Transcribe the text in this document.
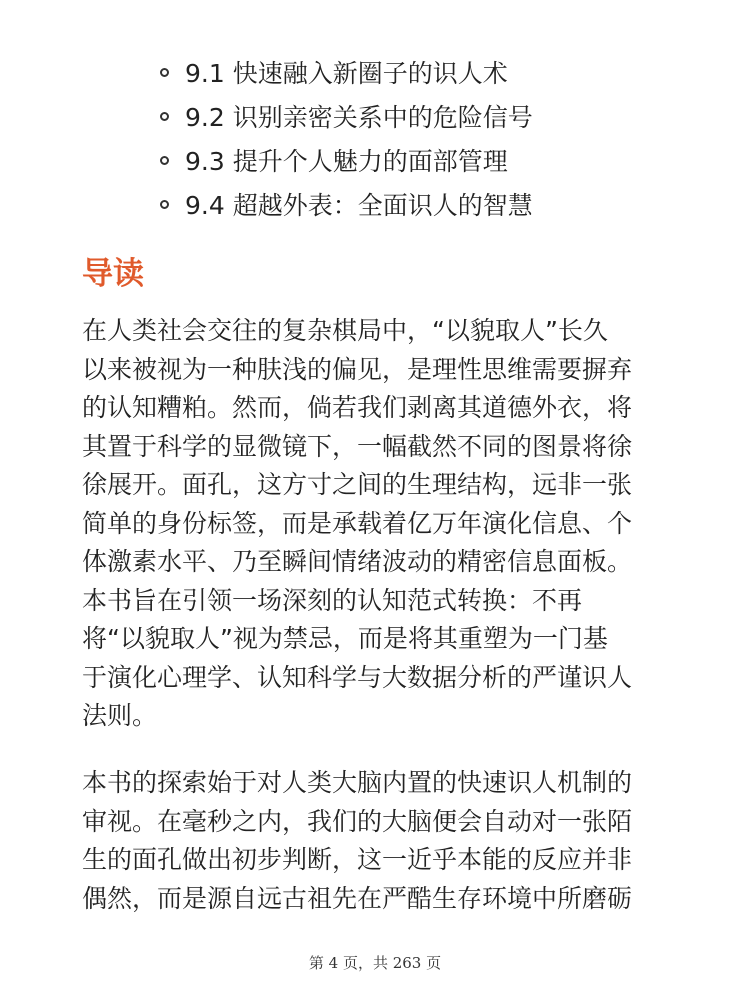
9.1 快速融入新圈子的识人术
9.2 识别亲密关系中的危险信号
9.3 提升个人魅力的面部管理
9.4 超越外表：全面识人的智慧
导读

在人类社会交往的复杂棋局中，“以貌取人”长久
以来被视为一种肤浅的偏见，是理性思维需要摒弃
的认知糟粕。然而，倘若我们剥离其道德外衣，将
其置于科学的显微镜下，一幅截然不同的图景将徐
徐展开。面孔，这方寸之间的生理结构，远非一张
简单的身份标签，而是承载着亿万年演化信息、个
体激素水平、乃至瞬间情绪波动的精密信息面板。
本书旨在引领一场深刻的认知范式转换：不再
将“以貌取人”视为禁忌，而是将其重塑为一门基
于演化心理学、认知科学与大数据分析的严谨识人
法则。

本书的探索始于对人类大脑内置的快速识人机制的
审视。在毫秒之内，我们的大脑便会自动对一张陌
生的面孔做出初步判断，这一近乎本能的反应并非
偶然，而是源自远古祖先在严酷生存环境中所磨砺

第 4 页，共 263 页
